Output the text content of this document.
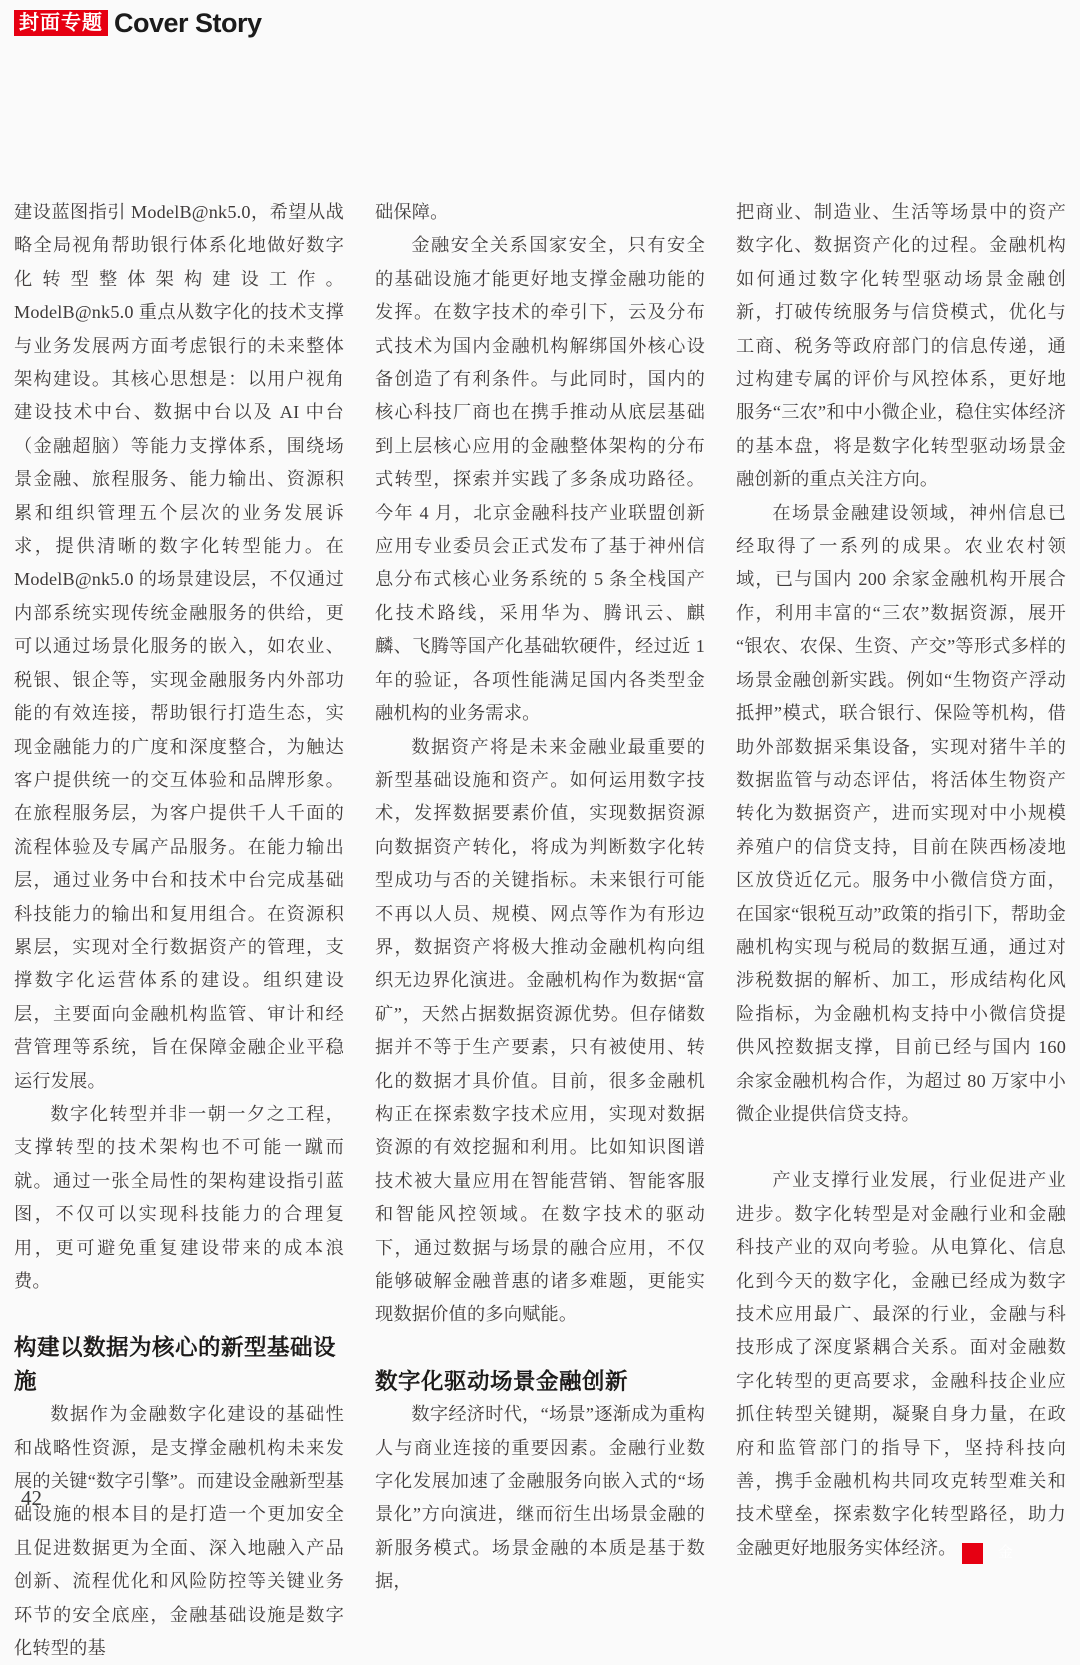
封面专题 Cover Story

建设蓝图指引 ModelB@nk5.0，希望从战略全局视角帮助银行体系化地做好数字化转型整体架构建设工作。ModelB@nk5.0 重点从数字化的技术支撑与业务发展两方面考虑银行的未来整体架构建设。其核心思想是：以用户视角建设技术中台、数据中台以及 AI 中台（金融超脑）等能力支撑体系，围绕场景金融、旅程服务、能力输出、资源积累和组织管理五个层次的业务发展诉求，提供清晰的数字化转型能力。在 ModelB@nk5.0 的场景建设层，不仅通过内部系统实现传统金融服务的供给，更可以通过场景化服务的嵌入，如农业、税银、银企等，实现金融服务内外部功能的有效连接，帮助银行打造生态，实现金融能力的广度和深度整合，为触达客户提供统一的交互体验和品牌形象。在旅程服务层，为客户提供千人千面的流程体验及专属产品服务。在能力输出层，通过业务中台和技术中台完成基础科技能力的输出和复用组合。在资源积累层，实现对全行数据资产的管理，支撑数字化运营体系的建设。组织建设层，主要面向金融机构监管、审计和经营管理等系统，旨在保障金融企业平稳运行发展。

数字化转型并非一朝一夕之工程，支撑转型的技术架构也不可能一蹴而就。通过一张全局性的架构建设指引蓝图，不仅可以实现科技能力的合理复用，更可避免重复建设带来的成本浪费。

构建以数据为核心的新型基础设施

数据作为金融数字化建设的基础性和战略性资源，是支撑金融机构未来发展的关键“数字引擎”。而建设金融新型基础设施的根本目的是打造一个更加安全且促进数据更为全面、深入地融入产品创新、流程优化和风险防控等关键业务环节的安全底座，金融基础设施是数字化转型的基

础保障。

金融安全关系国家安全，只有安全的基础设施才能更好地支撑金融功能的发挥。在数字技术的牵引下，云及分布式技术为国内金融机构解绑国外核心设备创造了有利条件。与此同时，国内的核心科技厂商也在携手推动从底层基础到上层核心应用的金融整体架构的分布式转型，探索并实践了多条成功路径。今年 4 月，北京金融科技产业联盟创新应用专业委员会正式发布了基于神州信息分布式核心业务系统的 5 条全栈国产化技术路线，采用华为、腾讯云、麒麟、飞腾等国产化基础软硬件，经过近 1 年的验证，各项性能满足国内各类型金融机构的业务需求。

数据资产将是未来金融业最重要的新型基础设施和资产。如何运用数字技术，发挥数据要素价值，实现数据资源向数据资产转化，将成为判断数字化转型成功与否的关键指标。未来银行可能不再以人员、规模、网点等作为有形边界，数据资产将极大推动金融机构向组织无边界化演进。金融机构作为数据“富矿”，天然占据数据资源优势。但存储数据并不等于生产要素，只有被使用、转化的数据才具价值。目前，很多金融机构正在探索数字技术应用，实现对数据资源的有效挖掘和利用。比如知识图谱技术被大量应用在智能营销、智能客服和智能风控领域。在数字技术的驱动下，通过数据与场景的融合应用，不仅能够破解金融普惠的诸多难题，更能实现数据价值的多向赋能。

数字化驱动场景金融创新

数字经济时代，“场景”逐渐成为重构人与商业连接的重要因素。金融行业数字化发展加速了金融服务向嵌入式的“场景化”方向演进，继而衍生出场景金融的新服务模式。场景金融的本质是基于数据，

把商业、制造业、生活等场景中的资产数字化、数据资产化的过程。金融机构如何通过数字化转型驱动场景金融创新，打破传统服务与信贷模式，优化与工商、税务等政府部门的信息传递，通过构建专属的评价与风控体系，更好地服务“三农”和中小微企业，稳住实体经济的基本盘，将是数字化转型驱动场景金融创新的重点关注方向。

在场景金融建设领域，神州信息已经取得了一系列的成果。农业农村领域，已与国内 200 余家金融机构开展合作，利用丰富的“三农”数据资源，展开“银农、农保、生资、产交”等形式多样的场景金融创新实践。例如“生物资产浮动抵押”模式，联合银行、保险等机构，借助外部数据采集设备，实现对猪牛羊的数据监管与动态评估，将活体生物资产转化为数据资产，进而实现对中小规模养殖户的信贷支持，目前在陕西杨凌地区放贷近亿元。服务中小微信贷方面，在国家“银税互动”政策的指引下，帮助金融机构实现与税局的数据互通，通过对涉税数据的解析、加工，形成结构化风险指标，为金融机构支持中小微信贷提供风控数据支撑，目前已经与国内 160 余家金融机构合作，为超过 80 万家中小微企业提供信贷支持。

产业支撑行业发展，行业促进产业进步。数字化转型是对金融行业和金融科技产业的双向考验。从电算化、信息化到今天的数字化，金融已经成为数字技术应用最广、最深的行业，金融与科技形成了深度紧耦合关系。面对金融数字化转型的更高要求，金融科技企业应抓住转型关键期，凝聚自身力量，在政府和监管部门的指导下，坚持科技向善，携手金融机构共同攻克转型难关和技术壁垒，探索数字化转型路径，助力金融更好地服务实体经济。	金

42
